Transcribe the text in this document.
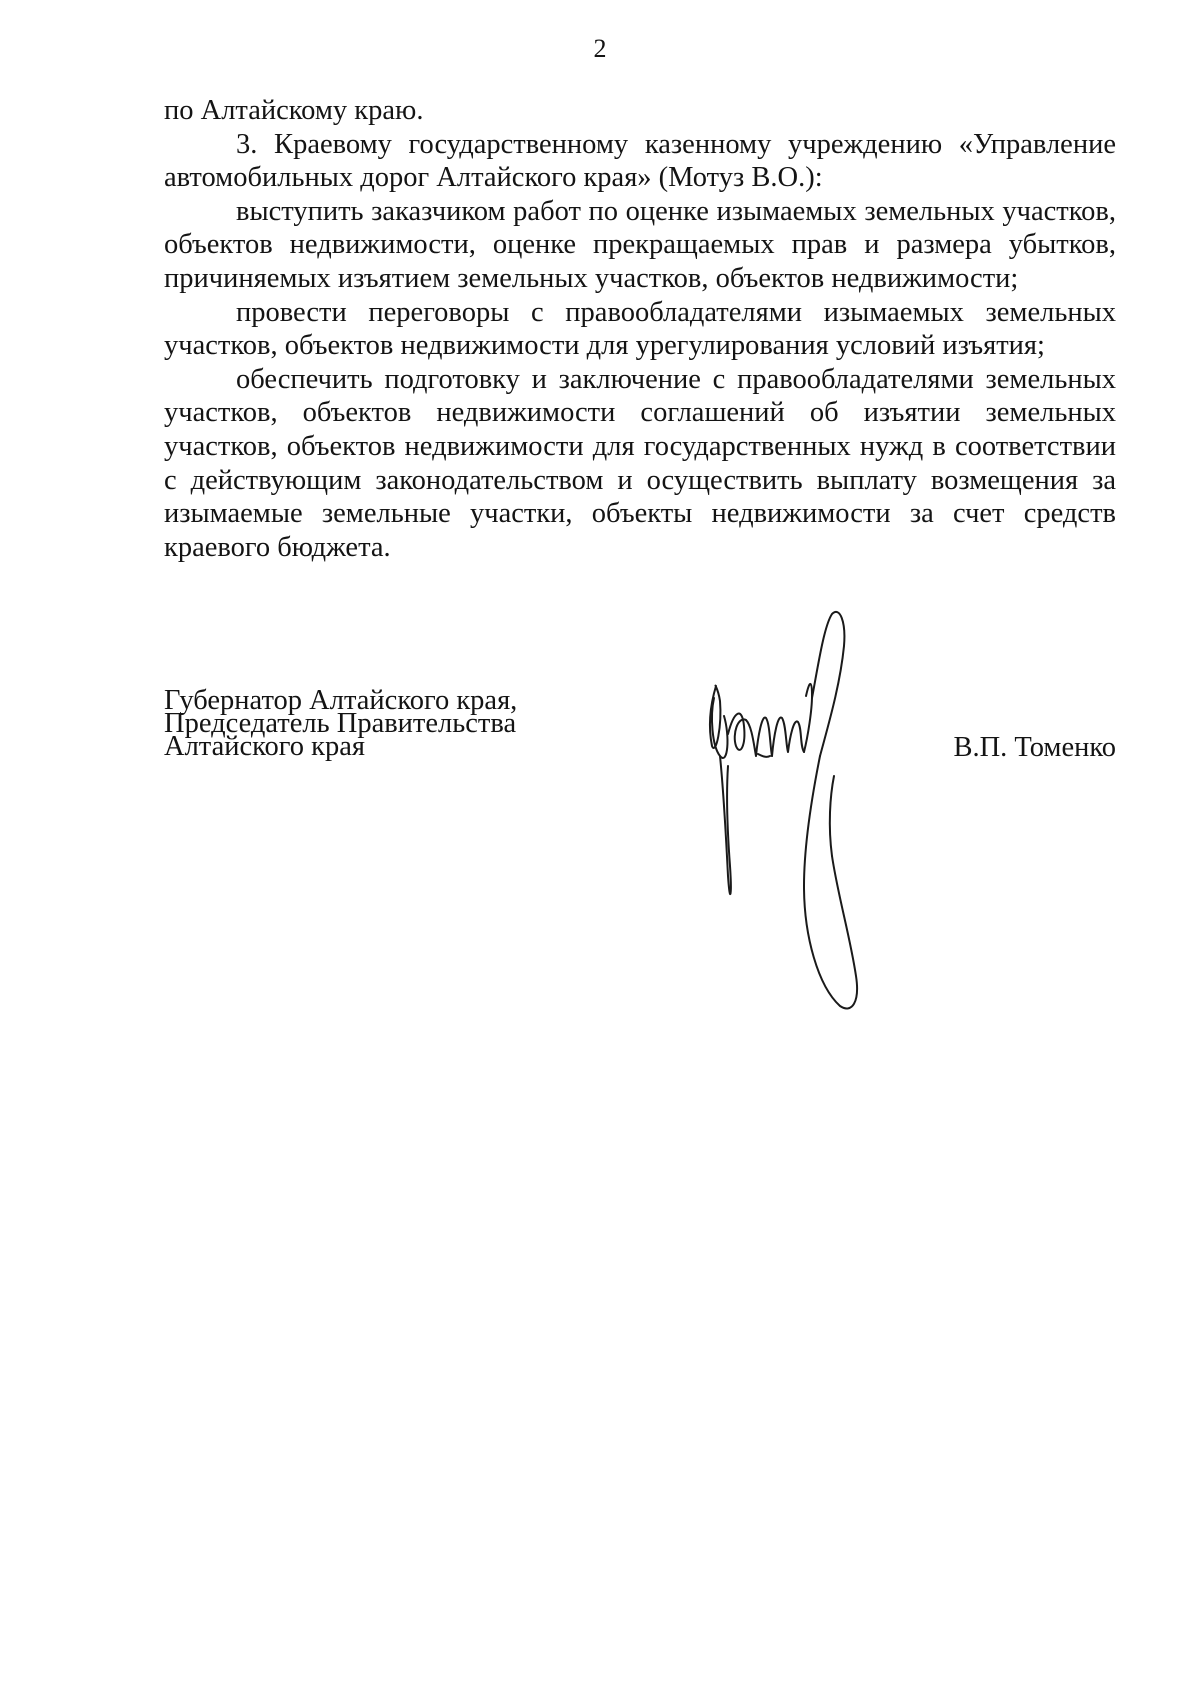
2

по Алтайскому краю.

3. Краевому государственному казенному учреждению «Управление автомобильных дорог Алтайского края» (Мотуз В.О.):

выступить заказчиком работ по оценке изымаемых земельных участков, объектов недвижимости, оценке прекращаемых прав и размера убытков, причиняемых изъятием земельных участков, объектов недвижимости;

провести переговоры с правообладателями изымаемых земельных участков, объектов недвижимости для урегулирования условий изъятия;

обеспечить подготовку и заключение с правообладателями земельных участков, объектов недвижимости соглашений об изъятии земельных участков, объектов недвижимости для государственных нужд в соответствии с действующим законодательством и осуществить выплату возмещения за изымаемые земельные участки, объекты недвижимости за счет средств краевого бюджета.

Губернатор Алтайского края,
Председатель Правительства
Алтайского края	В.П. Томенко
